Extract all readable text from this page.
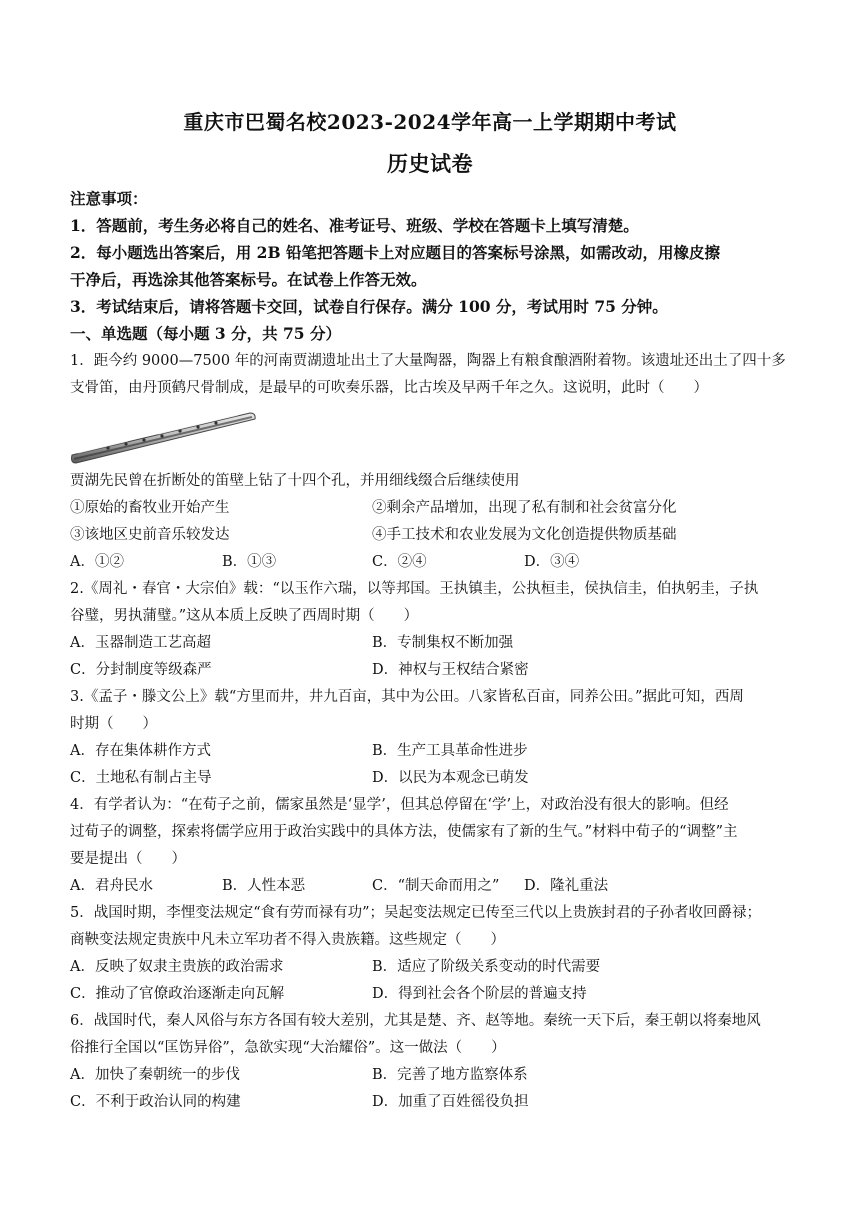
重庆市巴蜀名校2023-2024学年高一上学期期中考试
历史试卷
注意事项：
1．答题前，考生务必将自己的姓名、准考证号、班级、学校在答题卡上填写清楚。
2．每小题选出答案后，用 2B 铅笔把答题卡上对应题目的答案标号涂黑，如需改动，用橡皮擦
干净后，再选涂其他答案标号。在试卷上作答无效。
3．考试结束后，请将答题卡交回，试卷自行保存。满分 100 分，考试用时 75 分钟。
一、单选题（每小题 3 分，共 75 分）
1．距今约 9000—7500 年的河南贾湖遗址出土了大量陶器，陶器上有粮食酿酒附着物。该遗址还出土了四十多
支骨笛，由丹顶鹤尺骨制成，是最早的可吹奏乐器，比古埃及早两千年之久。这说明，此时（　　）
贾湖先民曾在折断处的笛壁上钻了十四个孔，并用细线缀合后继续使用
①原始的畜牧业开始产生	②剩余产品增加，出现了私有制和社会贫富分化
③该地区史前音乐较发达	④手工技术和农业发展为文化创造提供物质基础
A．①②	B．①③	C．②④	D．③④
2.《周礼・春官・大宗伯》载：“以玉作六瑞，以等邦国。王执镇圭，公执桓圭，侯执信圭，伯执躬圭，子执
谷璧，男执蒲璧。”这从本质上反映了西周时期（　　）
A．玉器制造工艺高超	B．专制集权不断加强
C．分封制度等级森严	D．神权与王权结合紧密
3.《孟子・滕文公上》载“方里而井，井九百亩，其中为公田。八家皆私百亩，同养公田。”据此可知，西周
时期（　　）
A．存在集体耕作方式	B．生产工具革命性进步
C．土地私有制占主导	D．以民为本观念已萌发
4．有学者认为：“在荀子之前，儒家虽然是‘显学’，但其总停留在‘学’上，对政治没有很大的影响。但经
过荀子的调整，探索将儒学应用于政治实践中的具体方法，使儒家有了新的生气。”材料中荀子的“调整”主
要是提出（　　）
A．君舟民水	B．人性本恶	C．“制天命而用之” D．隆礼重法
5．战国时期，李悝变法规定“食有劳而禄有功”；吴起变法规定已传至三代以上贵族封君的子孙者收回爵禄；
商鞅变法规定贵族中凡未立军功者不得入贵族籍。这些规定（　　）
A．反映了奴隶主贵族的政治需求	B．适应了阶级关系变动的时代需要
C．推动了官僚政治逐渐走向瓦解	D．得到社会各个阶层的普遍支持
6．战国时代，秦人风俗与东方各国有较大差别，尤其是楚、齐、赵等地。秦统一天下后，秦王朝以将秦地风
俗推行全国以“匡饬异俗”，急欲实现“大治耀俗”。这一做法（　　）
A．加快了秦朝统一的步伐	B．完善了地方监察体系
C．不利于政治认同的构建	D．加重了百姓徭役负担
